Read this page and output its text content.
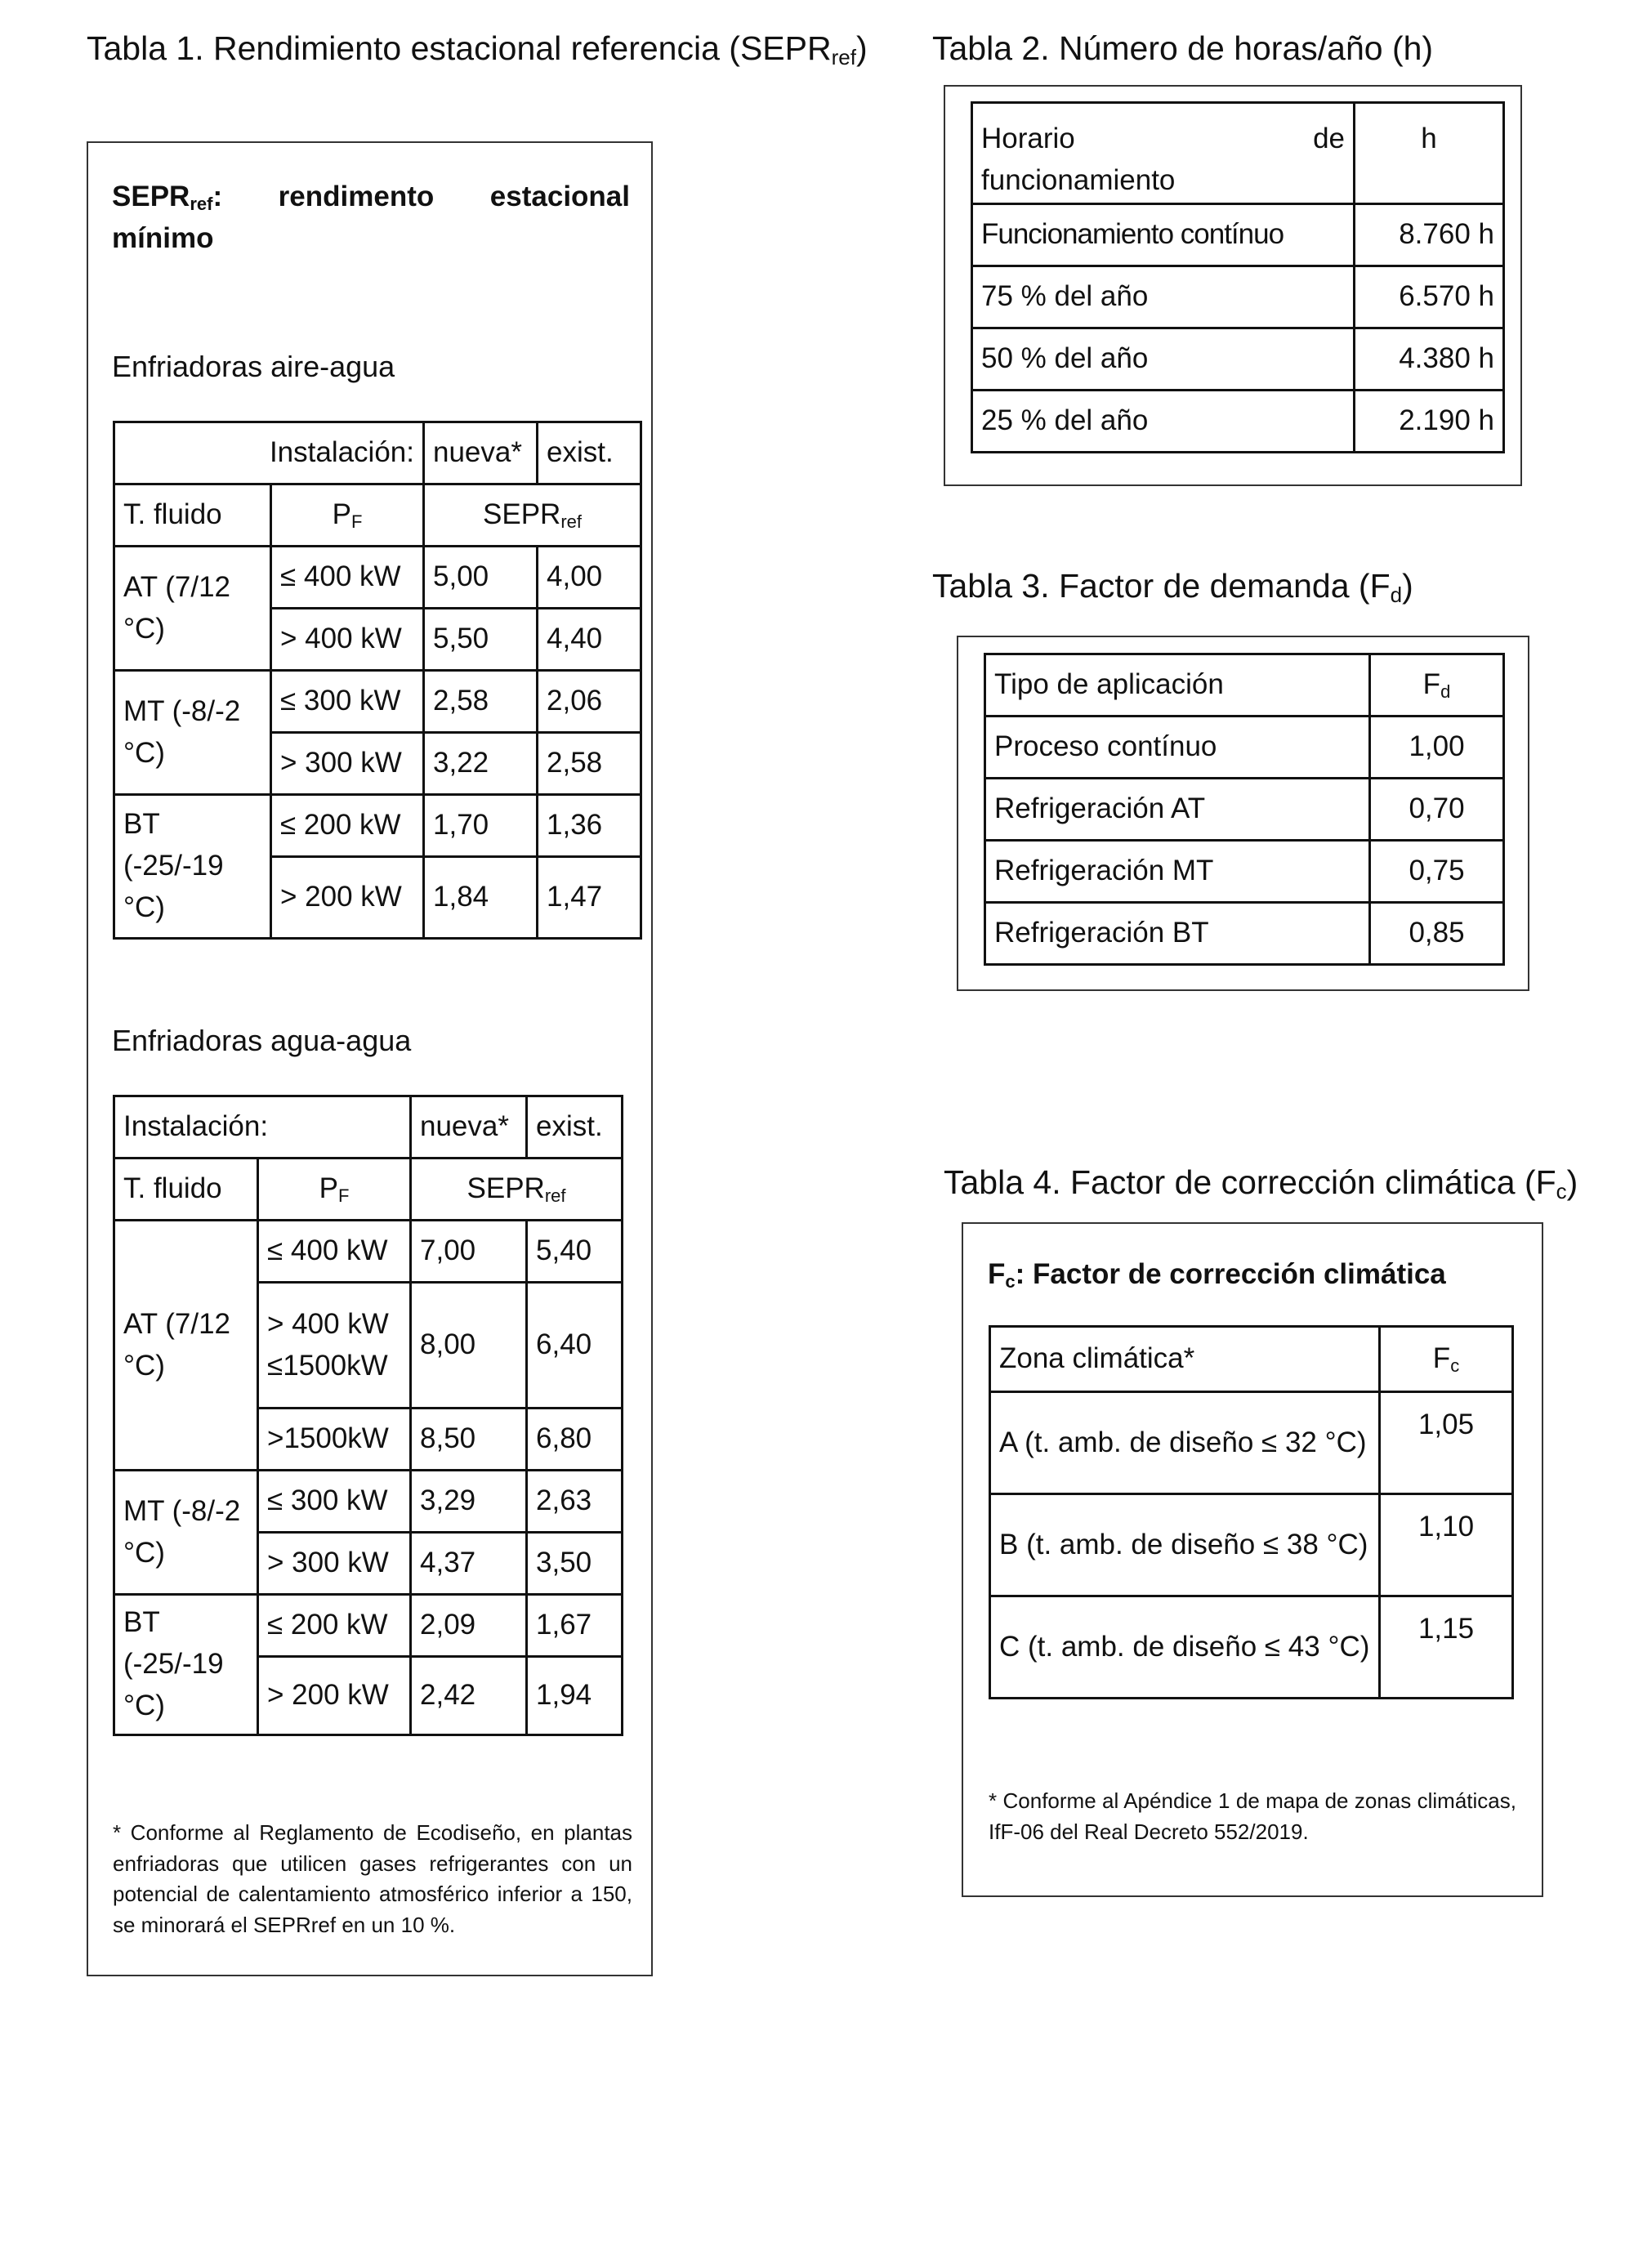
Tabla 1. Rendimiento estacional referencia $(SEPR_{ref})$
$SEPR_{ref}$: rendimento estacional mínimo
Enfriadoras aire-agua
Instalación:		nueva*	exist.
T. fluido	$P_F$	$SEPR_{ref}$
AT (7/12 °C)	≤ 400 kW	5,00	4,00
	> 400 kW	5,50	4,40
MT (-8/-2 °C)	≤ 300 kW	2,58	2,06
	> 300 kW	3,22	2,58
BT (-25/-19 °C)	≤ 200 kW	1,70	1,36
	> 200 kW	1,84	1,47
Enfriadoras agua-agua
Instalación:		nueva*	exist.
T. fluido	$P_F$	$SEPR_{ref}$
AT (7/12 °C)	≤ 400 kW	7,00	5,40
	> 400 kW ≤1500kW	8,00	6,40
	>1500kW	8,50	6,80
MT (-8/-2 °C)	≤ 300 kW	3,29	2,63
	> 300 kW	4,37	3,50
BT (-25/-19 °C)	≤ 200 kW	2,09	1,67
	> 200 kW	2,42	1,94
* Conforme al Reglamento de Ecodiseño, en plantas enfriadoras que utilicen gases refrigerantes con un potencial de calentamiento atmosférico inferior a 150, se minorará el SEPRref en un 10 %.
Tabla 2. Número de horas/año (h)
Horario de
funcionamiento	h
Funcionamiento contínuo	8.760 h
75 % del año	6.570 h
50 % del año	4.380 h
25 % del año	2.190 h
Tabla 3. Factor de demanda $(F_d)$
Tipo de aplicación	$F_d$
Proceso contínuo	1,00
Refrigeración AT	0,70
Refrigeración MT	0,75
Refrigeración BT	0,85
Tabla 4. Factor de corrección climática $(F_c)$
$F_c$: Factor de corrección climática
Zona climática*	$F_c$
A (t. amb. de diseño ≤ 32 °C)	1,05
B (t. amb. de diseño ≤ 38 °C)	1,10
C (t. amb. de diseño ≤ 43 °C)	1,15
* Conforme al Apéndice 1 de mapa de zonas climáticas, IfF-06 del Real Decreto 552/2019.
